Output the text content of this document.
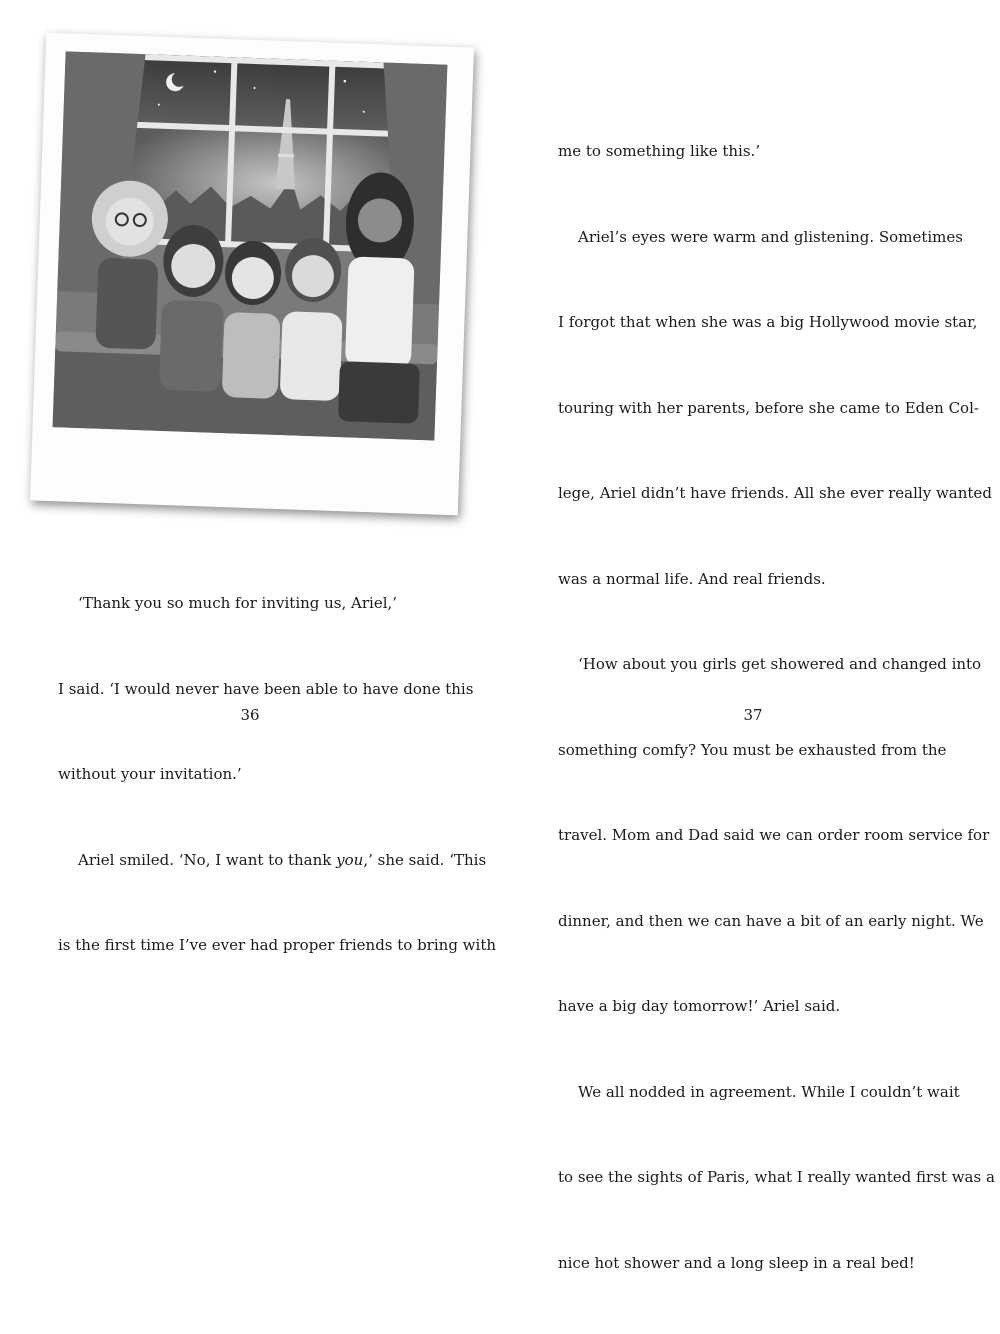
‘Thank you so much for inviting us, Ariel,’

I said. ‘I would never have been able to have done this

without your invitation.’

Ariel smiled. ‘No, I want to thank you,’ she said. ‘This

is the first time I’ve ever had proper friends to bring with

36

me to something like this.’

Ariel’s eyes were warm and glistening. Sometimes

I forgot that when she was a big Hollywood movie star,

touring with her parents, before she came to Eden Col-

lege, Ariel didn’t have friends. All she ever really wanted

was a normal life. And real friends.

‘How about you girls get showered and changed into

something comfy? You must be exhausted from the

travel. Mom and Dad said we can order room service for

dinner, and then we can have a bit of an early night. We

have a big day tomorrow!’ Ariel said.

We all nodded in agreement. While I couldn’t wait

to see the sights of Paris, what I really wanted first was a

nice hot shower and a long sleep in a real bed!

37
